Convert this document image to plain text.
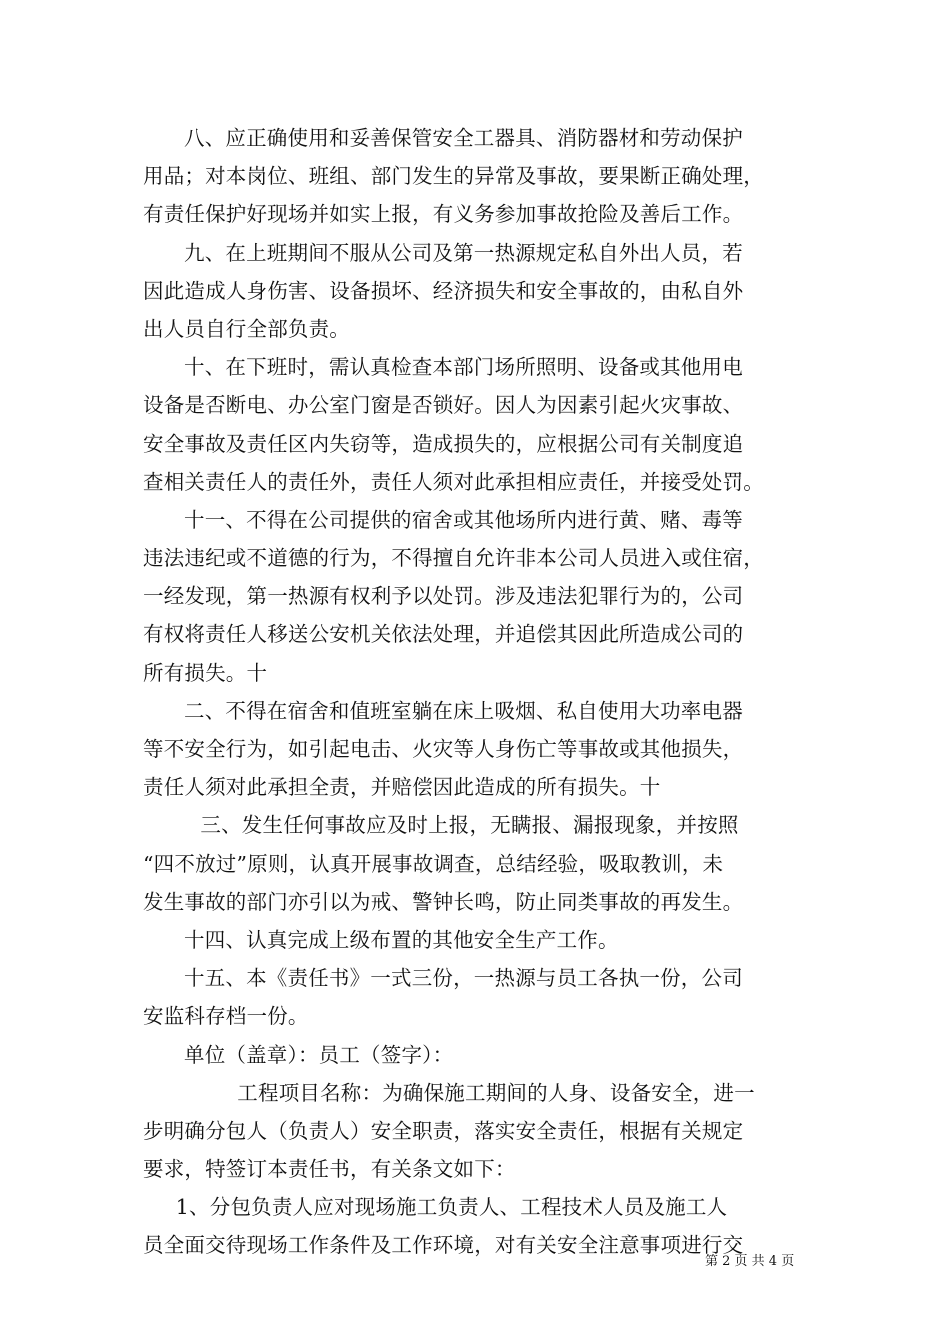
八、应正确使用和妥善保管安全工器具、消防器材和劳动保护
用品；对本岗位、班组、部门发生的异常及事故，要果断正确处理，
有责任保护好现场并如实上报，有义务参加事故抢险及善后工作。
九、在上班期间不服从公司及第一热源规定私自外出人员，若
因此造成人身伤害、设备损坏、经济损失和安全事故的，由私自外
出人员自行全部负责。
十、在下班时，需认真检查本部门场所照明、设备或其他用电
设备是否断电、办公室门窗是否锁好。因人为因素引起火灾事故、
安全事故及责任区内失窃等，造成损失的，应根据公司有关制度追
查相关责任人的责任外，责任人须对此承担相应责任，并接受处罚。
十一、不得在公司提供的宿舍或其他场所内进行黄、赌、毒等
违法违纪或不道德的行为，不得擅自允许非本公司人员进入或住宿，
一经发现，第一热源有权利予以处罚。涉及违法犯罪行为的，公司
有权将责任人移送公安机关依法处理，并追偿其因此所造成公司的
所有损失。十
二、不得在宿舍和值班室躺在床上吸烟、私自使用大功率电器
等不安全行为，如引起电击、火灾等人身伤亡等事故或其他损失，
责任人须对此承担全责，并赔偿因此造成的所有损失。十
三、发生任何事故应及时上报，无瞒报、漏报现象，并按照
“四不放过”原则，认真开展事故调查，总结经验，吸取教训，未
发生事故的部门亦引以为戒、警钟长鸣，防止同类事故的再发生。
十四、认真完成上级布置的其他安全生产工作。
十五、本《责任书》一式三份，一热源与员工各执一份，公司
安监科存档一份。
单位（盖章）：员工（签字）：
工程项目名称：为确保施工期间的人身、设备安全，进一
步明确分包人（负责人）安全职责，落实安全责任，根据有关规定
要求，特签订本责任书，有关条文如下：
1、分包负责人应对现场施工负责人、工程技术人员及施工人
员全面交待现场工作条件及工作环境，对有关安全注意事项进行交
第 2 页 共 4 页
